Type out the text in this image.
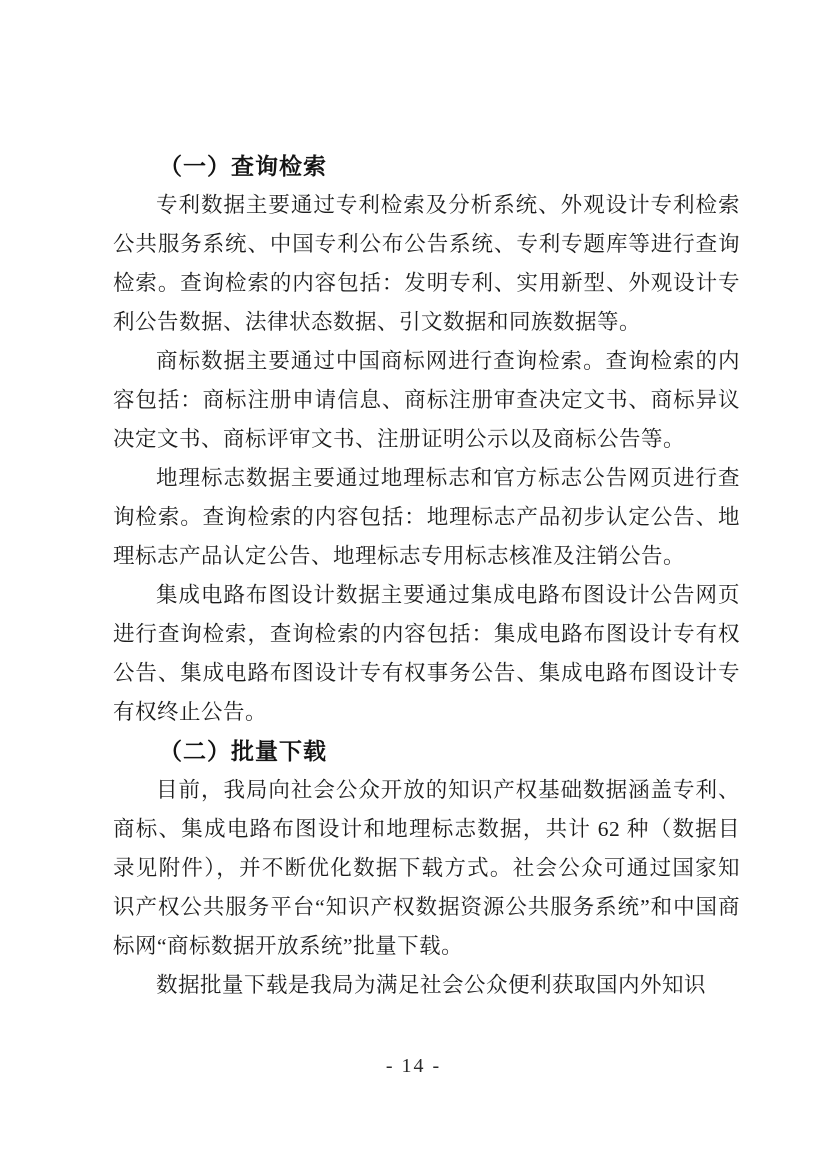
（一）查询检索

专利数据主要通过专利检索及分析系统、外观设计专利检索公共服务系统、中国专利公布公告系统、专利专题库等进行查询检索。查询检索的内容包括：发明专利、实用新型、外观设计专利公告数据、法律状态数据、引文数据和同族数据等。

商标数据主要通过中国商标网进行查询检索。查询检索的内容包括：商标注册申请信息、商标注册审查决定文书、商标异议决定文书、商标评审文书、注册证明公示以及商标公告等。

地理标志数据主要通过地理标志和官方标志公告网页进行查询检索。查询检索的内容包括：地理标志产品初步认定公告、地理标志产品认定公告、地理标志专用标志核准及注销公告。

集成电路布图设计数据主要通过集成电路布图设计公告网页进行查询检索，查询检索的内容包括：集成电路布图设计专有权公告、集成电路布图设计专有权事务公告、集成电路布图设计专有权终止公告。

（二）批量下载

目前，我局向社会公众开放的知识产权基础数据涵盖专利、商标、集成电路布图设计和地理标志数据，共计 62 种（数据目录见附件），并不断优化数据下载方式。社会公众可通过国家知识产权公共服务平台“知识产权数据资源公共服务系统”和中国商标网“商标数据开放系统”批量下载。

数据批量下载是我局为满足社会公众便利获取国内外知识

- 14 -
